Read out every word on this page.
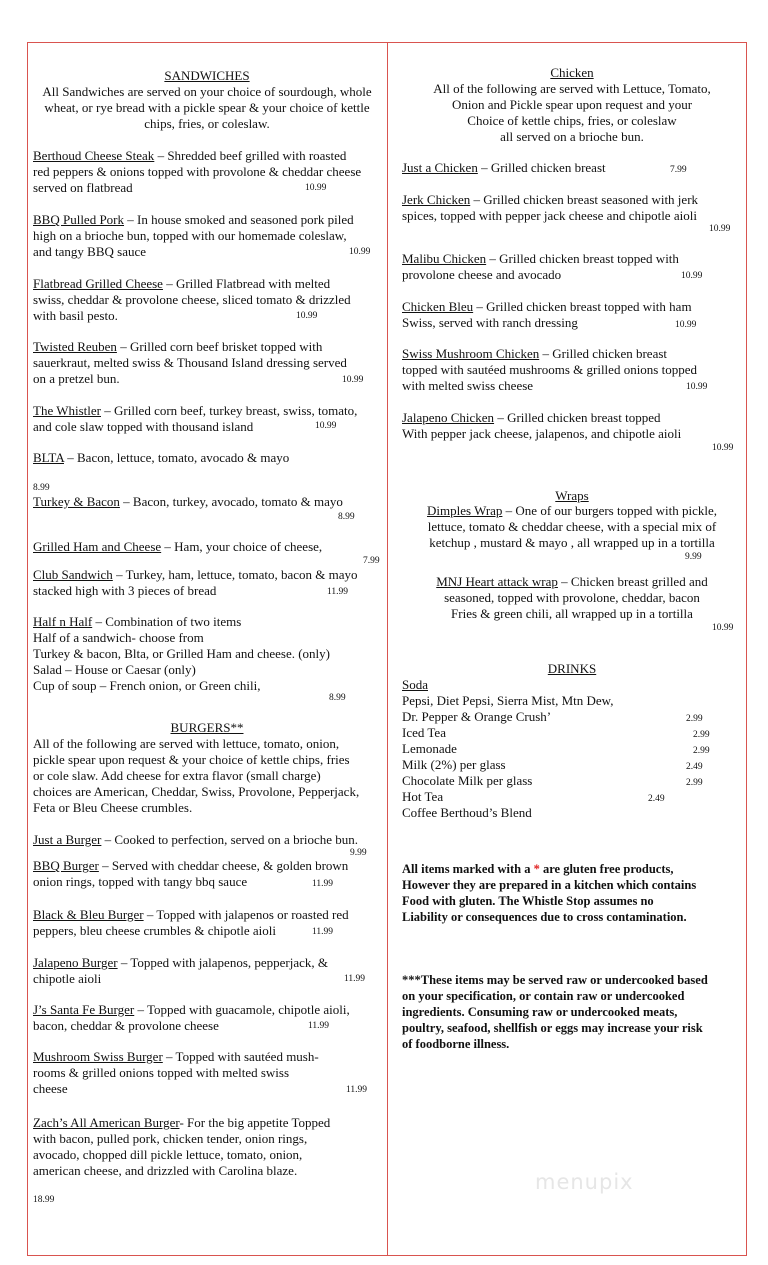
SANDWICHES
All Sandwiches are served on your choice of sourdough, whole
wheat, or rye bread with a pickle spear & your choice of kettle
chips, fries, or coleslaw.
Berthoud Cheese Steak – Shredded beef grilled with roasted
red peppers & onions topped with provolone & cheddar cheese
served on flatbread	10.99
BBQ Pulled Pork – In house smoked and seasoned pork piled
high on a brioche bun, topped with our homemade coleslaw,
and tangy BBQ sauce	10.99
Flatbread Grilled Cheese – Grilled Flatbread with melted
swiss, cheddar & provolone cheese, sliced tomato & drizzled
with basil pesto.	10.99
Twisted Reuben – Grilled corn beef brisket topped with
sauerkraut, melted swiss & Thousand Island dressing served
on a pretzel bun.	10.99
The Whistler – Grilled corn beef, turkey breast, swiss, tomato,
and cole slaw topped with thousand island	10.99
BLTA – Bacon, lettuce, tomato, avocado & mayo
8.99
Turkey & Bacon – Bacon, turkey, avocado, tomato & mayo
8.99
Grilled Ham and Cheese – Ham, your choice of cheese,
7.99
Club Sandwich – Turkey, ham, lettuce, tomato, bacon & mayo
stacked high with 3 pieces of bread	11.99
Half n Half – Combination of two items
Half of a sandwich- choose from
Turkey & bacon, Blta, or Grilled Ham and cheese. (only)
Salad – House or Caesar (only)
Cup of soup – French onion, or Green chili,
8.99
BURGERS**
All of the following are served with lettuce, tomato, onion,
pickle spear upon request & your choice of kettle chips, fries
or cole slaw. Add cheese for extra flavor (small charge)
choices are American, Cheddar, Swiss, Provolone, Pepperjack,
Feta or Bleu Cheese crumbles.
Just a Burger – Cooked to perfection, served on a brioche bun.
9.99
BBQ Burger – Served with cheddar cheese, & golden brown
onion rings, topped with tangy bbq sauce	11.99
Black & Bleu Burger – Topped with jalapenos or roasted red
peppers, bleu cheese crumbles & chipotle aioli	11.99
Jalapeno Burger – Topped with jalapenos, pepperjack, &
chipotle aioli	11.99
J’s Santa Fe Burger – Topped with guacamole, chipotle aioli,
bacon, cheddar & provolone cheese	11.99
Mushroom Swiss Burger – Topped with sautéed mush-
rooms & grilled onions topped with melted swiss
cheese	11.99
Zach’s All American Burger- For the big appetite Topped
with bacon, pulled pork, chicken tender, onion rings,
avocado, chopped dill pickle lettuce, tomato, onion,
american cheese, and drizzled with Carolina blaze.
18.99
Chicken
All of the following are served with Lettuce, Tomato,
Onion and Pickle spear upon request and your
Choice of kettle chips, fries, or coleslaw
all served on a brioche bun.
Just a Chicken – Grilled chicken breast	7.99
Jerk Chicken – Grilled chicken breast seasoned with jerk
spices, topped with pepper jack cheese and chipotle aioli
10.99
Malibu Chicken – Grilled chicken breast topped with
provolone cheese and avocado	10.99
Chicken Bleu – Grilled chicken breast topped with ham
Swiss, served with ranch dressing	10.99
Swiss Mushroom Chicken – Grilled chicken breast
topped with sautéed mushrooms & grilled onions topped
with melted swiss cheese	10.99
Jalapeno Chicken – Grilled chicken breast topped
With pepper jack cheese, jalapenos, and chipotle aioli
10.99
Wraps
Dimples Wrap – One of our burgers topped with pickle,
lettuce, tomato & cheddar cheese, with a special mix of
ketchup , mustard & mayo , all wrapped up in a tortilla
9.99
MNJ Heart attack wrap – Chicken breast grilled and
seasoned, topped with provolone, cheddar, bacon
Fries & green chili, all wrapped up in a tortilla
10.99
DRINKS
Soda
Pepsi, Diet Pepsi, Sierra Mist, Mtn Dew,
Dr. Pepper & Orange Crush’	2.99
Iced Tea	2.99
Lemonade	2.99
Milk (2%) per glass	2.49
Chocolate Milk per glass	2.99
Hot Tea	2.49
Coffee Berthoud’s Blend
All items marked with a * are gluten free products,
However they are prepared in a kitchen which contains
Food with gluten. The Whistle Stop assumes no
Liability or consequences due to cross contamination.
***These items may be served raw or undercooked based
on your specification, or contain raw or undercooked
ingredients. Consuming raw or undercooked meats,
poultry, seafood, shellfish or eggs may increase your risk
of foodborne illness.
menupix
